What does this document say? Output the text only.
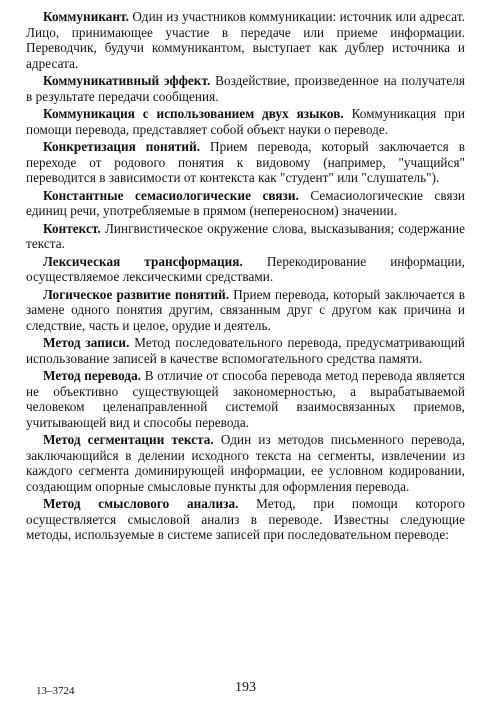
Коммуникант. Один из участников коммуникации: источник или адресат. Лицо, принимающее участие в передаче или приеме информации. Переводчик, будучи коммуникантом, выступает как дублер источника и адресата.

Коммуникативный эффект. Воздействие, произведенное на получателя в результате передачи сообщения.

Коммуникация с использованием двух языков. Коммуникация при помощи перевода, представляет собой объект науки о переводе.

Конкретизация понятий. Прием перевода, который заключается в переходе от родового понятия к видовому (например, "учащийся" переводится в зависимости от контекста как "студент" или "слушатель").

Константные семасиологические связи. Семасиологические связи единиц речи, употребляемые в прямом (непереносном) значении.

Контекст. Лингвистическое окружение слова, высказывания; содержание текста.

Лексическая трансформация. Перекодирование информации, осуществляемое лексическими средствами.

Логическое развитие понятий. Прием перевода, который заключается в замене одного понятия другим, связанным друг с другом как причина и следствие, часть и целое, орудие и деятель.

Метод записи. Метод последовательного перевода, предусматривающий использование записей в качестве вспомогательного средства памяти.

Метод перевода. В отличие от способа перевода метод перевода является не объективно существующей закономерностью, а вырабатываемой человеком целенаправленной системой взаимосвязанных приемов, учитывающей вид и способы перевода.

Метод сегментации текста. Один из методов письменного перевода, заключающийся в делении исходного текста на сегменты, извлечении из каждого сегмента доминирующей информации, ее условном кодировании, создающим опорные смысловые пункты для оформления перевода.

Метод смыслового анализа. Метод, при помощи которого осуществляется смысловой анализ в переводе. Известны следующие методы, используемые в системе записей при последовательном переводе:

13–3724	193
